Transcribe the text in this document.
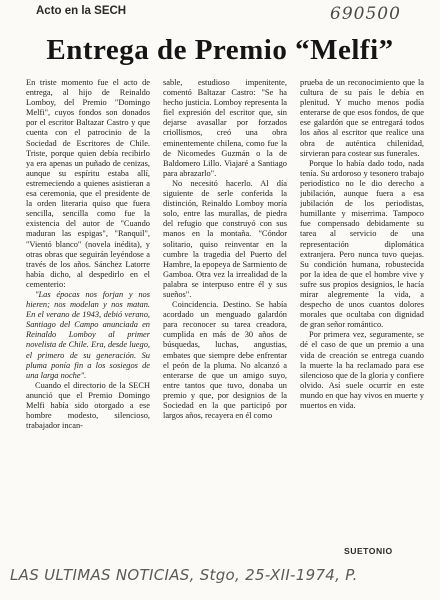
Acto en la SECH	690500
Entrega de Premio “Melfi”

En triste momento fue el acto de entrega, al hijo de Reinaldo Lomboy, del Premio "Domingo Melfi", cuyos fondos son donados por el escritor Baltazar Castro y que cuenta con el patrocinio de la Sociedad de Escritores de Chile. Triste, porque quien debía recibirlo ya era apenas un puñado de cenizas, aunque su espíritu estaba allí, estremeciendo a quienes asistieran a esa ceremonia, que el presidente de la orden literaria quiso que fuera sencilla, sencilla como fue la existencia del autor de "Cuando maduran las espigas", "Ranquil", "Vientó blanco" (novela inédita), y otras obras que seguirán leyéndose a través de los años. Sánchez Latorre había dicho, al despedirlo en el cementerio:

"Las épocas nos forjan y nos hieren; nos modelan y nos matan. En el verano de 1943, debió verano, Santiago del Campo anunciada en Reinaldo Lomboy al primer novelista de Chile. Era, desde luego, el primero de su generación. Su pluma ponía fin a los sosiegos de una larga noche".

Cuando el directorio de la SECH anunció que el Premio Domingo Melfi había sido otorgado a ese hombre modesto, silencioso, trabajador incan-

sable, estudioso impenitente, comentó Baltazar Castro: "Se ha hecho justicia. Lomboy representa la fiel expresión del escritor que, sin dejarse avasallar por forzados criollismos, creó una obra eminentemente chilena, como fue la de Nicomedes Guzmán o la de Baldomero Lillo. Viajaré a Santiago para abrazarlo".

No necesitó hacerlo. Al día siguiente de serle conferida la distinción, Reinaldo Lomboy moría solo, entre las murallas, de piedra del refugio que construyó con sus manos en la montaña. "Cóndor solitario, quiso reinventar en la cumbre la tragedia del Puerto del Hambre, la epopeya de Sarmiento de Gamboa. Otra vez la irrealidad de la palabra se interpuso entre él y sus sueños".

Coincidencia. Destino. Se había acordado un menguado galardón para reconocer su tarea creadora, cumplida en más de 30 años de búsquedas, luchas, angustias, embates que siempre debe enfrentar el peón de la pluma. No alcanzó a enterarse de que un amigo suyo, entre tantos que tuvo, donaba un premio y que, por designios de la Sociedad en la que participó por largos años, recayera en él como

prueba de un reconocimiento que la cultura de su país le debía en plenitud. Y mucho menos podía enterarse de que esos fondos, de que ese galardón que se entregará todos los años al escritor que realice una obra de auténtica chilenidad, sirvieran para costear sus funerales.

Porque lo había dado todo, nada tenía. Su ardoroso y tesonero trabajo periodístico no le dio derecho a jubilación, aunque fuera a esa jubilación de los periodistas, humillante y miserrima. Tampoco fue compensado debidamente su tarea al servicio de una representación diplomática extranjera. Pero nunca tuvo quejas. Su condición humana, robustecida por la idea de que el hombre vive y sufre sus propios designios, le hacía mirar alegremente la vida, a despecho de unos cuantos dolores morales que ocultaba con dignidad de gran señor romántico.

Por primera vez, seguramente, se dé el caso de que un premio a una vida de creación se entrega cuando la muerte la ha reclamado para ese silencioso que de la gloria y confiere olvido. Así suele ocurrir en este mundo en que hay vivos en muerte y muertos en vida.

SUETONIO
LAS ULTIMAS NOTICIAS, Stgo, 25-XII-1974, P.
